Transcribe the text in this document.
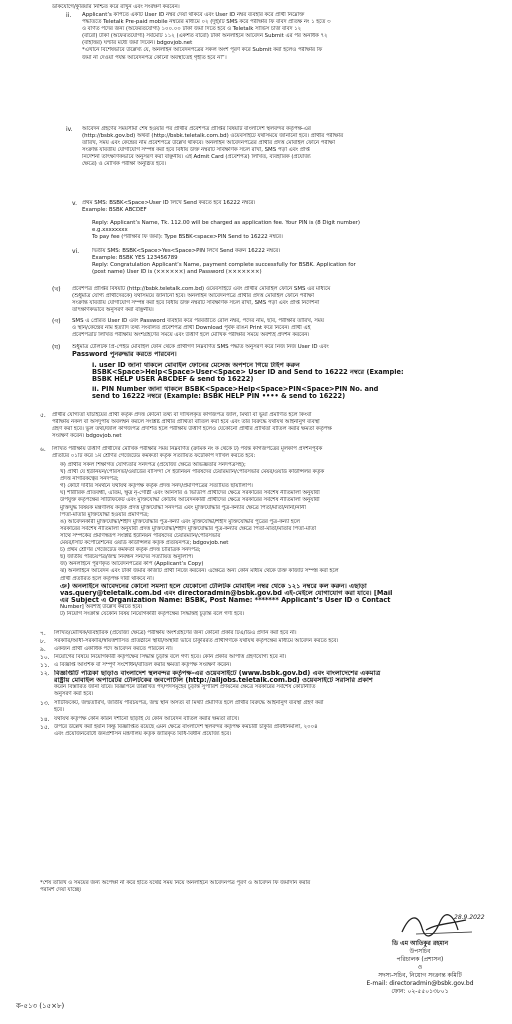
ডাকযোগে/কুরিয়ার নিশ্চিত করে রাখুন এবং সংরক্ষণ করবেন।
ii. Applicant’s কপিতে একটি User ID নম্বর দেয়া থাকবে এবং User ID নম্বর ব্যবহার করে প্রার্থী নিম্নোক্ত
পদ্ধতিতে Teletalk Pre-paid mobile নম্বরের মাধ্যমে ০২ (দুই)টি SMS করে পরীক্ষার ফি বাবদ প্রতিক্ষ নং ১ হতে ৩
ও বর্ণিত পদের জন্য (অফেরতযোগ্য) ১০০.০০ টাকা জমা দিতে হবে ও Teletalk সার্ভিস চার্জ বাবদ ১২
(বারো) টাকা (অফেরতযোগ্য) সর্বমোট ১১২ (একশত বারো) টাকা অনলাইনে আবেদন Submit এর পর অনধিক ৭২
(বাহাত্তর) ঘণ্টার মধ্যে জমা দিবেন। bdgovjob.net
*এখানে বিশেষভাবে উল্লেখ্য যে, অনলাইন আবেদনপত্রের সকল অংশ পূরণ করে Submit করা হলেও পরীক্ষার ফি
জমা না দেওয়া পর্যন্ত আবেদনপত্র কোনো অবস্থাতেই গৃহীত হবে না”।
iv. আবেদন গ্রহণের সময়সীমা শেষ হওয়ার পর প্রার্থীর প্রবেশপত্র প্রাপ্তির বিষয়টি বাংলাদেশ স্থলবন্দর কর্তৃপক্ষ-এর
(http://bsbk.gov.bd) অথবা (http://bsbk.teletalk.com.bd) ওয়েবসাইটে যথাসময়ে জানানো হবে। প্রার্থীর পরীক্ষার
তারিখ, সময় এবং কেন্দ্রের নাম প্রবেশপত্রে উল্লেখ থাকবে। অনলাইন আবেদনপত্রের প্রার্থীর প্রদত্ত মোবাইল ফোনে পরীক্ষা
সংক্রান্ত যাবতীয় যোগাযোগ সম্পন্ন করা হবে বিধায় উক্ত নম্বরটি সার্বক্ষণিক সচল রাখা, SMS পড়া এবং প্রাপ্ত
নির্দেশনা তাৎক্ষণিকভাবে অনুসরণ করা বাঞ্ছনীয়। এই Admit Card (প্রবেশপত্র) লিখিত, ব্যবহারিক (প্রযোজ্য
ক্ষেত্রে) ও মৌখিক পরীক্ষা অনুষ্ঠিত হবে।
v. প্রথম SMS: BSBK<Space>User ID লিখে Send করতে হবে 16222 নম্বরে।
Example: BSBK ABCDEF
Reply: Applicant’s Name, Tk. 112.00 will be charged as application fee. Your PIN is (8 Digit number)
e.g.xxxxxxxx
To pay fee (পরীক্ষার ফি জমা): Type BSBK<space>PIN Send to 16222 নম্বরে।
vi. দ্বিতীয় SMS: BSBK<Space>Yes<Space>PIN লিখে Send করুন 16222 নম্বরে।
Example: BSBK YES 123456789
Reply: Congratulation Applicant’s Name, payment complete successfully for BSBK. Application for
(post name) User ID is (××××××) and Password (×××××××)
(খ) প্রবেশপত্র প্রাপ্তির বিষয়টি (http://bsbk.teletalk.com.bd) ওয়েবসাইটে এবং প্রার্থীর মোবাইল ফোনে SMS এর মাধ্যমে
(শুধুমাত্র যোগ্য প্রার্থীদেরকে) যথাসময়ে জানানো হবে। অনলাইন আবেদনপত্রে প্রার্থীর প্রদত্ত মোবাইল ফোনে পরীক্ষা
সংক্রান্ত যাবতীয় যোগাযোগ সম্পন্ন করা হবে বিধায় উক্ত নম্বরটি সার্বক্ষণিক সচল রাখা, SMS পড়া এবং প্রাপ্ত নির্দেশনা
তাৎক্ষণিকভাবে অনুসরণ করা বাঞ্ছনীয়।
(গ) SMS এ প্রেরিত User ID এবং Password ব্যবহার করে পরবর্তীতে রোল নম্বর, পদের নাম, ছবি, পরীক্ষার তারিখ, সময়
ও স্থান/কেন্দ্রের নাম ইত্যাদি তথ্য সংবলিত প্রবেশপত্র প্রার্থী Download পূর্বক রঙিন Print করে নিবেন। প্রার্থী এই
প্রবেশপত্রটি লিখিত পরীক্ষায় অংশগ্রহণের সময়ে এবং উত্তীর্ণ হলে মৌখিক পরীক্ষার সময়ে অবশ্যই প্রদর্শন করবেন।
(ঘ) শুধুমাত্র টেলিটক প্রি-পেইড মোবাইল ফোন থেকে প্রার্থীগণ নিম্নবর্ণিত SMS পদ্ধতি অনুসরণ করে নিজ নিজ User ID এবং
Password পুনরুদ্ধার করতে পারবেন।
i. user ID জানা থাকলে মোবাইল ফোনের মেসেজ অপশনে গিয়ে টাইপ করুন
BSBK<Space>Help<Space>User<Space> User ID and Send to 16222 নম্বরে (Example:
BSBK HELP USER ABCDEF & send to 16222)
ii. PIN Number জানা থাকলে BSBK<Space>Help<Space>PIN<Space>PIN No. and
send to 16222 নম্বরে (Example: BSBK HELP PIN •••• & send to 16222)
৫. প্রার্থীর যোগ্যতা যাচাইয়ের প্রার্থী কর্তৃক প্রদত্ত কোনো তথ্য বা দাখিলকৃত কাগজপত্র জাল, মিথ্যা বা ভুয়া প্রমাণিত হলে কিংবা
পরীক্ষায় নকল বা অসদুপায় অবলম্বন করলে সংশ্লিষ্ট প্রার্থীর প্রার্থিতা বাতিল করা হবে এবং তার বিরুদ্ধে যথাযথ আইনানুগ ব্যবস্থা
গ্রহণ করা হবে। ভুল তথ্য/জাল কাগজপত্র প্রদর্শিত হলে পরীক্ষায় উত্তীর্ণ হলেও যেকোনো প্রার্থীর প্রার্থিতা বাতিল করার ক্ষমতা কর্তৃপক্ষ
সংরক্ষণ করেন। bdgovjob.net
৬. লিখিত পরীক্ষায় উত্তীর্ণ প্রার্থীদের মৌখিক পরীক্ষার সময় নিম্নবর্ণিত (ক্রমিক নং ক থেকে ট) পর্যন্ত কাগজপত্রের মূলকপি প্রদর্শনপূর্বক
প্রতিটির ০১টি করে ১ম শ্রেণির গেজেটেড কর্মকর্তা কর্তৃক সত্যায়িত ফটোকপি দাখিল করতে হবে:
ক) প্রার্থীর সকল শিক্ষাগত যোগ্যতার সনদপত্র (প্রযোজ্য ক্ষেত্রে অভিজ্ঞতার সনদপত্রসহ);
খ) প্রার্থী যে ইউনিয়ন/পৌরসভা/ওয়ার্ডের বাসিন্দা সে ইউনিয়ন পরিষদের চেয়ারম্যান/পৌরসভার মেয়র/ওয়ার্ড কাউন্সিলর কর্তৃক
প্রদত্ত নাগরিকত্বের সনদপত্র;
গ) কোটা দাবীর সমর্থনে যথাযথ কর্তৃপক্ষ কর্তৃক প্রদত্ত সনদ/প্রমাণপত্রের সত্যায়িত ছায়ালিপি।
ঘ) শারীরিক প্রতিবন্ধী, এতিম, ক্ষুদ্র নৃ-গোষ্ঠী এবং আনসার ও ভিডিপি প্রার্থীদের ক্ষেত্রে সরকারের সর্বশেষ নীতিমালা অনুযায়ী
উপযুক্ত কর্তৃপক্ষের সার্টিফিকেট এবং মুক্তিযোদ্ধা কোটায় আবেদনকারী প্রার্থীদের ক্ষেত্রে সরকারের সর্বশেষ নীতিমালা অনুযায়ী
মুক্তিযুদ্ধ বিষয়ক মন্ত্রণালয় কর্তৃক প্রদত্ত মুক্তিযোদ্ধা সনদপত্র এবং মুক্তিযোদ্ধার পুত্র-কন্যার ক্ষেত্রে পিতা/মাতা/নানা/নানী
পিতা-মাতার মুক্তিযোদ্ধা হওয়ার প্রমাণপত্র;
ঙ) আবেদনকারী মুক্তিযোদ্ধা/শহীদ মুক্তিযোদ্ধার পুত্র-কন্যা এবং মুক্তিযোদ্ধা/শহীদ মুক্তিযোদ্ধার পুত্রের পুত্র-কন্যা হলে
সরকারের সর্বশেষ নীতিমালা অনুযায়ী প্রদত্ত মুক্তিযোদ্ধা/শহীদ মুক্তিযোদ্ধার পুত্র-কন্যার ক্ষেত্রে পিতা-মাতা/মাতার পিতা-মাতা
সাথে সম্পর্কের প্রমাণস্বরূপ সংশ্লিষ্ট ইউনিয়ন পরিষদের চেয়ারম্যান/পৌরসভার
মেয়র/সিটি কর্পোরেশনের ওয়ার্ড কাউন্সিলর কর্তৃক প্রত্যয়নপত্র; bdgovjob.net
চ) প্রথম শ্রেণির গেজেটেড কর্মকর্তা কর্তৃক প্রদত্ত চারিত্রিক সনদপত্র;
ছ) জাতীয় পরিচয়পত্র/জন্ম নিবন্ধন সনদের সত্যায়িত অনুলিপি।
জ) অনলাইনে পূরণকৃত আবেদনপত্রের কপি (Applicant’s Copy)
ঝ) অনলাইনে আবেদন এবং টাকা জমার কাজটি প্রার্থী নিজে করবেন। এক্ষেত্রে অন্য কোন মাধ্যম থেকে উক্ত কাজটি সম্পন্ন করা হলে
প্রার্থী প্রতারিত হলে কর্তৃপক্ষ দায়ী থাকবে না।
ঞ) অনলাইনে আবেদনের কোনো সমস্যা হলে যেকোনো টেলিটক মোবাইল নম্বর থেকে ১২১ নম্বরে কল করুন। এছাড়া
vas.query@teletalk.com.bd এবং directoradmin@bsbk.gov.bd এই-মেইলে যোগাযোগ করা যাবে। [Mail
এর Subject এ Organization Name: BSBK, Post Name: ******* Applicant’s User ID ও Contact
Number] অবশ্যই উল্লেখ করতে হবে।
ট) নিয়োগ সংক্রান্ত যেকোন বিষয় নিয়োগকারী কর্তৃপক্ষের সিদ্ধান্তই চূড়ান্ত বলে গণ্য হবে।
৭. লিখিত/মৌখিক/ব্যবহারিক (প্রযোজ্য ক্ষেত্রে) পরীক্ষায় অংশগ্রহণের জন্য কোনো প্রকার টিএ/ডিএ প্রদান করা হবে না।
৮. সরকারি/আধা-সরকারি/স্বায়ত্তশাসিত প্রতিষ্ঠানে স্থায়ী/অস্থায়ী ভাবে চাকুরিরত প্রার্থীগণকে যথাযথ কর্তৃপক্ষের মাধ্যমে আবেদন করতে হবে।
৯. একজন প্রার্থী একাধিক পদে আবেদন করতে পারবেন না।
১০. নিয়োগের বিষয়ে নিয়োগকারী কর্তৃপক্ষের সিদ্ধান্ত চূড়ান্ত বলে গণ্য হবে। কোন প্রকার আপত্তি গ্রহণযোগ্য হবে না।
১১. এ বিজ্ঞপ্তি আংশিক বা সম্পূর্ণ সংশোধন/বাতিল করার ক্ষমতা কর্তৃপক্ষ সংরক্ষণ করেন।
১২. বিজ্ঞপ্তিটি পত্রিকা ছাড়াও বাংলাদেশ স্থলবন্দর কর্তৃপক্ষ-এর ওয়েবসাইটে (www.bsbk.gov.bd) এবং বাংলাদেশের একমাত্র
রাষ্ট্রীয় মোবাইল অপারেটর টেলিটকের জবপোর্টাল (http://alljobs.teletalk.com.bd) ওয়েবসাইটে সরাসরি প্রকাশ
করেন বিস্তারিত জানা যাবে। বিজ্ঞাপনে উল্লিখিত পদ/পদসমূহের চূড়ান্ত সুপারিশ প্রণয়নের ক্ষেত্রে সরকারের সর্বশেষ কোটানীতি
অনুসরণ করা হবে।
১৩. সার্টিফিকেট, জন্মতারিখ, জাতীয় পরিচয়পত্র, জন্ম স্থান অসত্য বা মিথ্যা প্রমাণিত হলে প্রার্থীর বিরুদ্ধে আইনানুগ ব্যবস্থা গ্রহণ করা
হবে।
১৪. যথাযথ কর্তৃপক্ষ কোন কারন দর্শানো ছাড়াই যে কোন আবেদন বাতিল করার ক্ষমতা রাখে।
১৫. উপরে উল্লেখ করা হয়নি কিন্তু বিজ্ঞাপ্তিত রয়েছে এমন ক্ষেত্রে বাংলাদেশ স্থলবন্দর কর্তৃপক্ষ কর্মচারী চাকুরি প্রবিধানমালা, ২০০৪
এবং প্রয়োজনবোধে জনপ্রশাসন মন্ত্রণালয় কর্তৃক জারিকৃত বিধি-বিধান প্রযোজ্য হবে।
*শেষ তারিখ ও সময়ের জন্য অপেক্ষা না করে হাতে যথেষ্ট সময় নিয়ে অনলাইনে আবেদনপত্র পূরণ ও আবেদন ফি জমাদান করার
পরামর্শ দেয়া যাচ্ছে।
28.9.2022
ডি এম আতিকুর রহমান
উপসচিব
পরিচালক (প্রশাসন)
ও
সদস্য-সচিব, নিয়োগ সংক্রান্ত কমিটি
E-mail: directoradmin@bsbk.gov.bd
ফোন: ০২-৫৫০১৩৮০১
ক-৫১৩ (১৫×৮)
